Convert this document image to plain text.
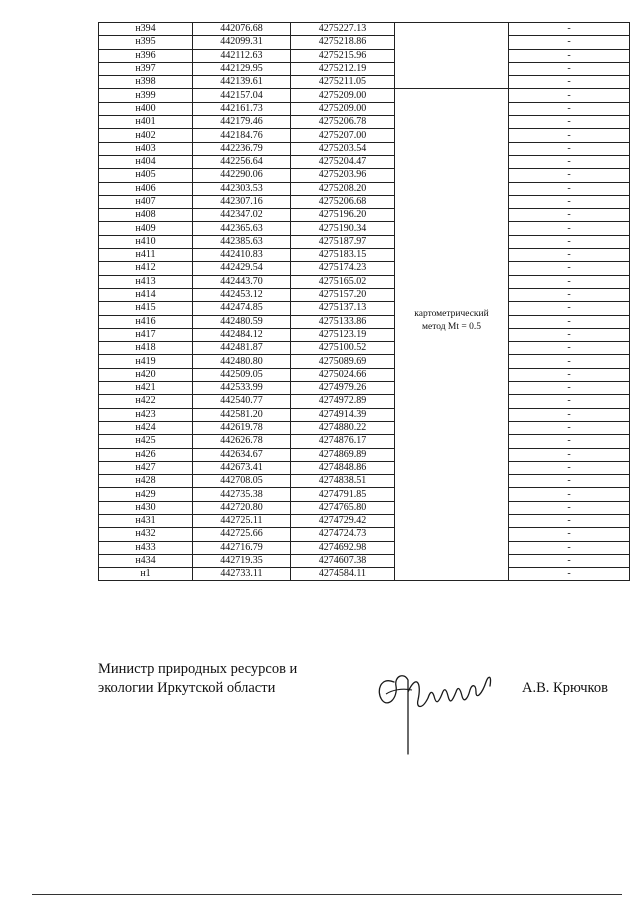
н394	442076.68	4275227.13		-
н395	442099.31	4275218.86		-
н396	442112.63	4275215.96		-
н397	442129.95	4275212.19		-
н398	442139.61	4275211.05		-
н399	442157.04	4275209.00		-
н400	442161.73	4275209.00		-
н401	442179.46	4275206.78		-
н402	442184.76	4275207.00		-
н403	442236.79	4275203.54		-
н404	442256.64	4275204.47		-
н405	442290.06	4275203.96		-
н406	442303.53	4275208.20		-
н407	442307.16	4275206.68		-
н408	442347.02	4275196.20		-
н409	442365.63	4275190.34		-
н410	442385.63	4275187.97		-
н411	442410.83	4275183.15		-
н412	442429.54	4275174.23		-
н413	442443.70	4275165.02		-
н414	442453.12	4275157.20		-
н415	442474.85	4275137.13		-
н416	442480.59	4275133.86		-
н417	442484.12	4275123.19	картометрический метод Mt = 0.5	-
н418	442481.87	4275100.52		-
н419	442480.80	4275089.69		-
н420	442509.05	4275024.66		-
н421	442533.99	4274979.26		-
н422	442540.77	4274972.89		-
н423	442581.20	4274914.39		-
н424	442619.78	4274880.22		-
н425	442626.78	4274876.17		-
н426	442634.67	4274869.89		-
н427	442673.41	4274848.86		-
н428	442708.05	4274838.51		-
н429	442735.38	4274791.85		-
н430	442720.80	4274765.80		-
н431	442725.11	4274729.42		-
н432	442725.66	4274724.73		-
н433	442716.79	4274692.98		-
н434	442719.35	4274607.38		-
н1	442733.11	4274584.11		-
Министр природных ресурсов и
экологии Иркутской области	А.В. Крючков
